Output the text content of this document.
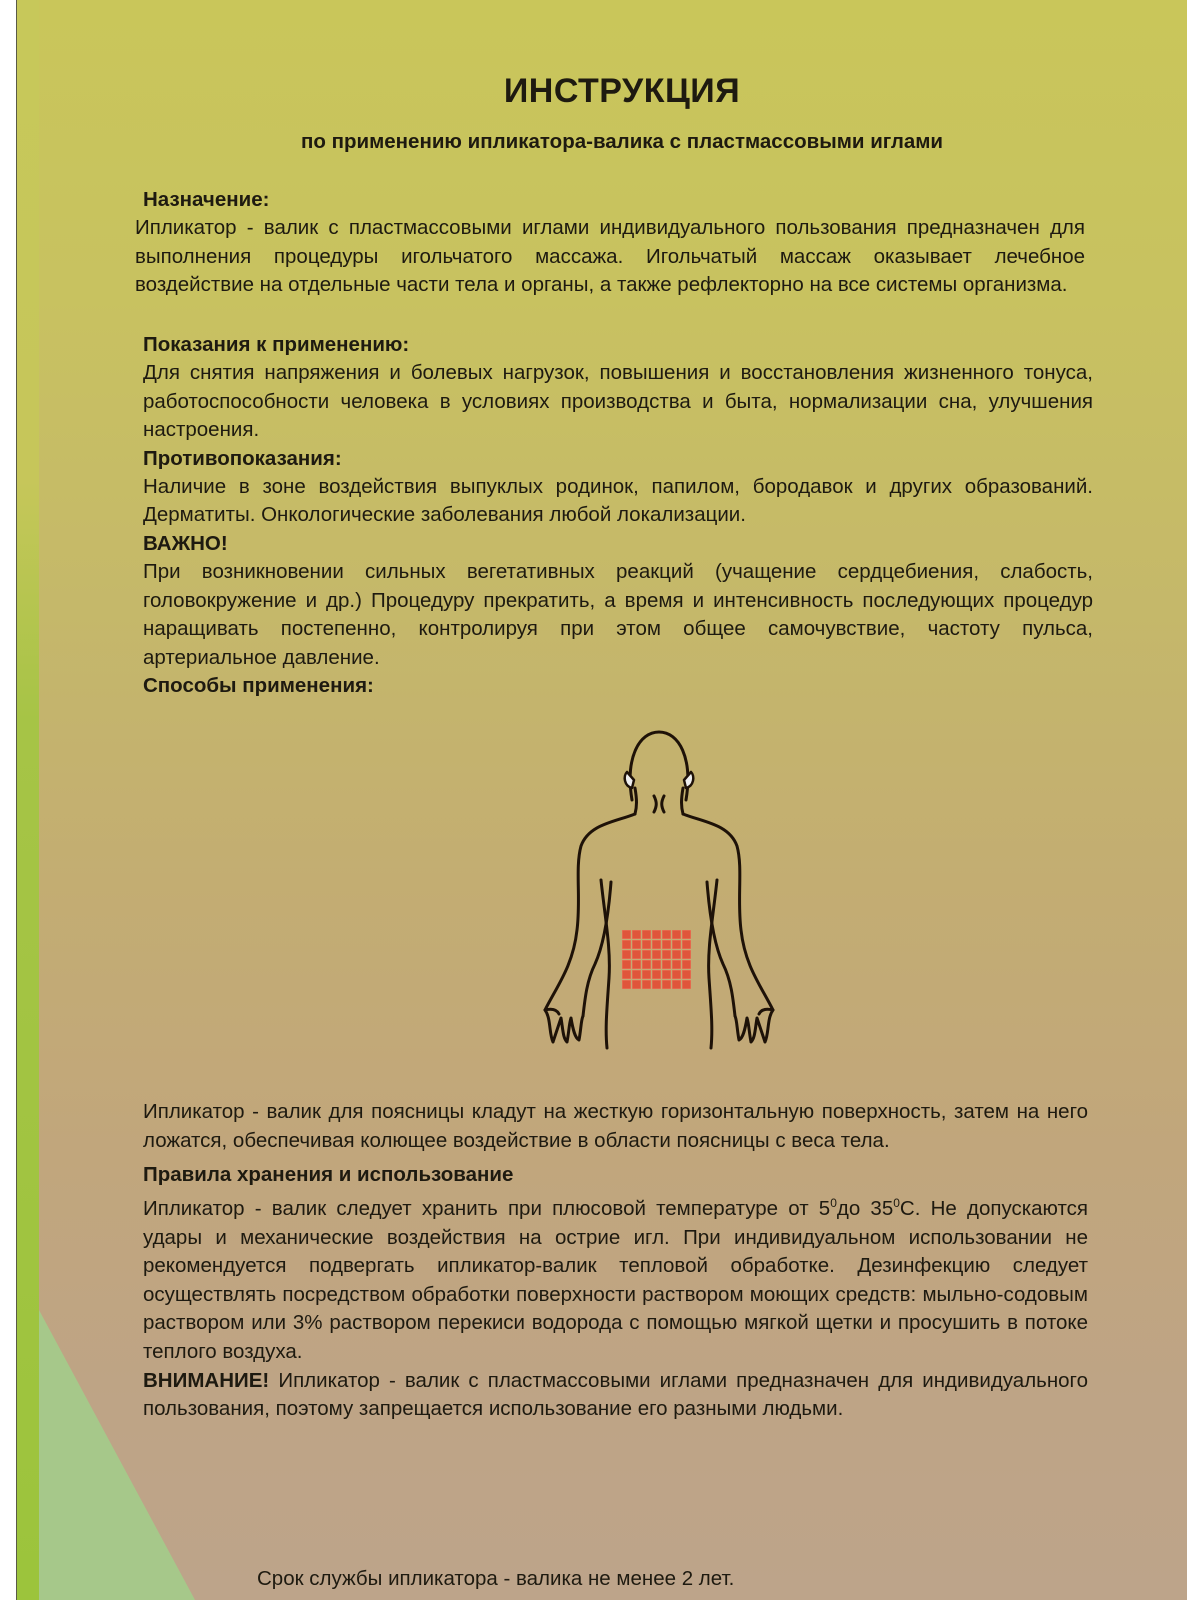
ИНСТРУКЦИЯ
по применению ипликатора-валика с пластмассовыми иглами
Назначение:
Ипликатор - валик с пластмассовыми иглами индивидуального пользования предназначен для выполнения процедуры игольчатого массажа. Игольчатый массаж оказывает лечебное воздействие на отдельные части тела и органы, а также рефлекторно на все системы организма.
Показания к применению:
Для снятия напряжения и болевых нагрузок, повышения и восстановления жизненного тонуса, работоспособности человека в условиях производства и быта, нормализации сна, улучшения настроения.
Противопоказания:
Наличие в зоне воздействия выпуклых родинок, папилом, бородавок и других образований. Дерматиты. Онкологические заболевания любой локализации.
ВАЖНО!
При возникновении сильных вегетативных реакций (учащение сердцебиения, слабость, головокружение и др.) Процедуру прекратить, а время и интенсивность последующих процедур наращивать постепенно, контролируя при этом общее самочувствие, частоту пульса, артериальное давление.
Способы применения:
Ипликатор - валик для поясницы кладут на жесткую горизонтальную поверхность, затем на него ложатся, обеспечивая колющее воздействие в области поясницы с веса тела.
Правила хранения и использование
Ипликатор - валик следует хранить при плюсовой температуре от $5^0до$ $35^0С$. Не допускаются удары и механические воздействия на острие игл. При индивидуальном использовании не рекомендуется подвергать ипликатор-валик тепловой обработке. Дезинфекцию следует осуществлять посредством обработки поверхности раствором моющих средств: мыльно-содовым раствором или 3% раствором перекиси водорода с помощью мягкой щетки и просушить в потоке теплого воздуха.
ВНИМАНИЕ! Ипликатор - валик с пластмассовыми иглами предназначен для индивидуального пользования, поэтому запрещается использование его разными людьми.
Срок службы ипликатора - валика не менее 2 лет.
